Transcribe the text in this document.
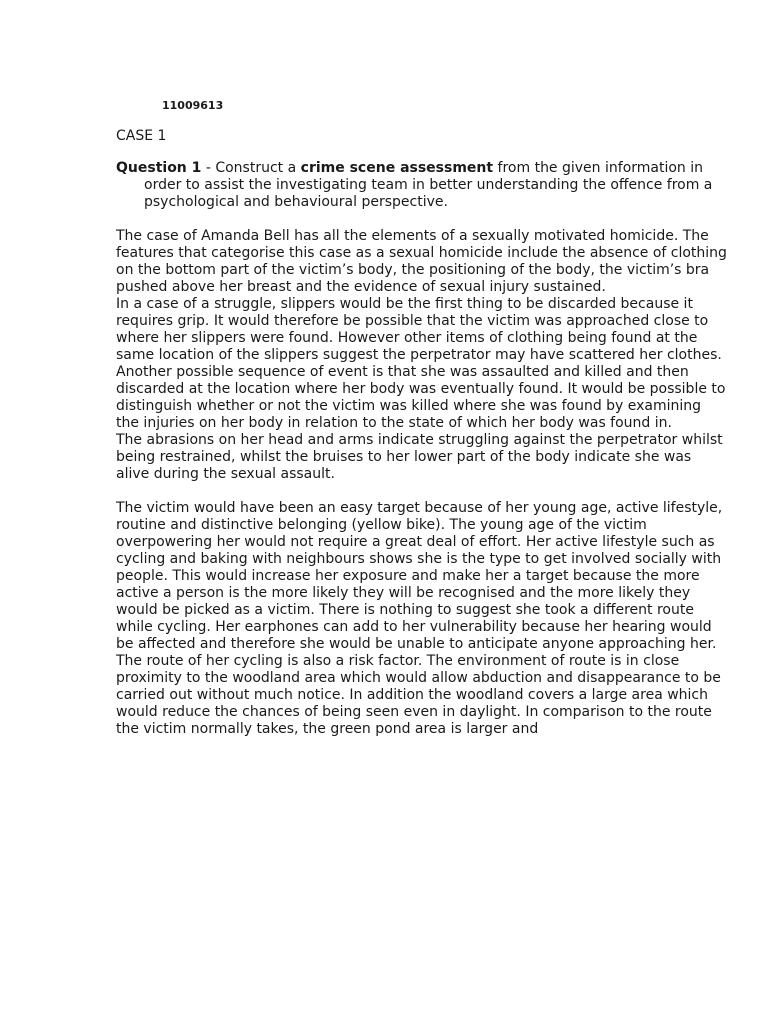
11009613
CASE 1
Question 1 - Construct a crime scene assessment from the given information in order to assist the investigating team in better understanding the offence from a psychological and behavioural perspective.

The case of Amanda Bell has all the elements of a sexually motivated homicide. The features that categorise this case as a sexual homicide include the absence of clothing on the bottom part of the victim’s body, the positioning of the body, the victim’s bra pushed above her breast and the evidence of sexual injury sustained.

In a case of a struggle, slippers would be the first thing to be discarded because it requires grip. It would therefore be possible that the victim was approached close to where her slippers were found. However other items of clothing being found at the same location of the slippers suggest the perpetrator may have scattered her clothes. Another possible sequence of event is that she was assaulted and killed and then discarded at the location where her body was eventually found. It would be possible to distinguish whether or not the victim was killed where she was found by examining the injuries on her body in relation to the state of which her body was found in.

The abrasions on her head and arms indicate struggling against the perpetrator whilst being restrained, whilst the bruises to her lower part of the body indicate she was alive during the sexual assault.

The victim would have been an easy target because of her young age, active lifestyle, routine and distinctive belonging (yellow bike). The young age of the victim overpowering her would not require a great deal of effort. Her active lifestyle such as cycling and baking with neighbours shows she is the type to get involved socially with people. This would increase her exposure and make her a target because the more active a person is the more likely they will be recognised and the more likely they would be picked as a victim. There is nothing to suggest she took a different route while cycling. Her earphones can add to her vulnerability because her hearing would be affected and therefore she would be unable to anticipate anyone approaching her.

The route of her cycling is also a risk factor. The environment of route is in close proximity to the woodland area which would allow abduction and disappearance to be carried out without much notice. In addition the woodland covers a large area which would reduce the chances of being seen even in daylight. In comparison to the route the victim normally takes, the green pond area is larger and
